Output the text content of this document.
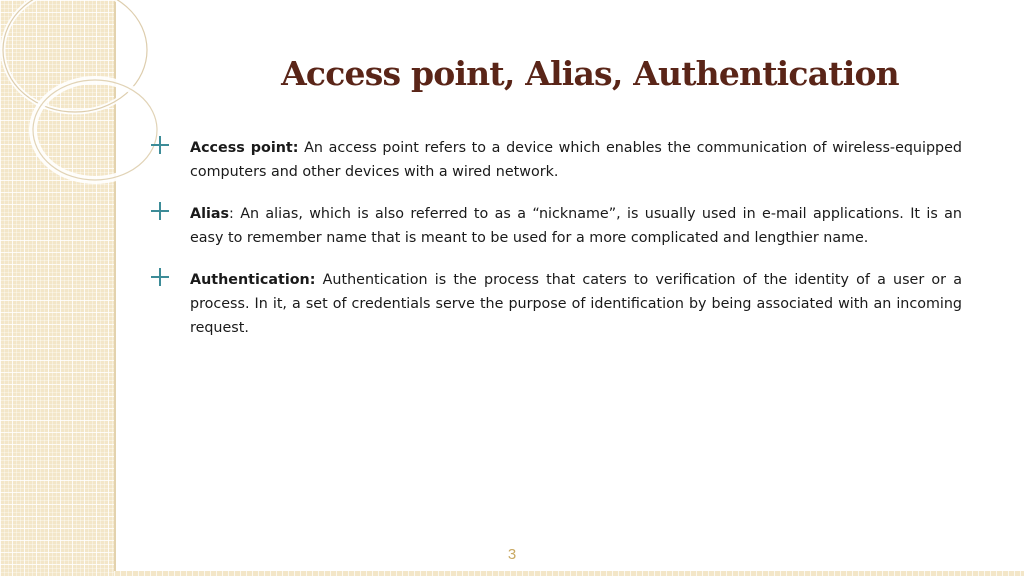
Access point, Alias, Authentication

Access point: An access point refers to a device which enables the communication of wireless-equipped computers and other devices with a wired network.

Alias: An alias, which is also referred to as a “nickname”, is usually used in e-mail applications. It is an easy to remember name that is meant to be used for a more complicated and lengthier name.

Authentication: Authentication is the process that caters to verification of the identity of a user or a process. In it, a set of credentials serve the purpose of identification by being associated with an incoming request.

3
